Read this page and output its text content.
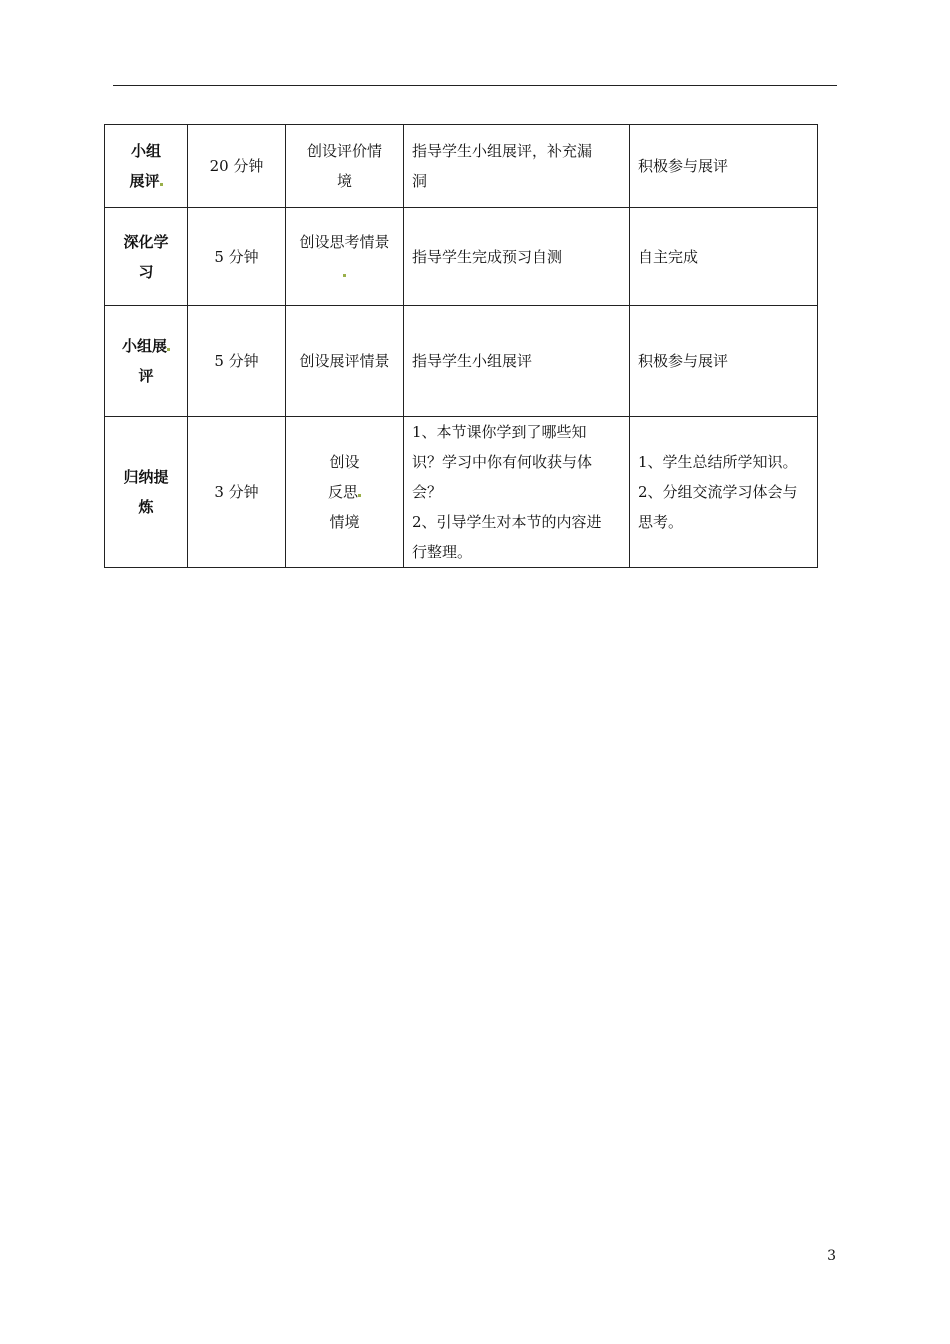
小组
展评	20 分钟	创设评价情
境	指导学生小组展评，补充漏
洞	积极参与展评

深化学
习	5 分钟	创设思考情景	指导学生完成预习自测	自主完成

小组展
评	5 分钟	创设展评情景	指导学生小组展评	积极参与展评

归纳提
炼	3 分钟	创设
反思
情境	1、本节课你学到了哪些知
识？学习中你有何收获与体
会？
2、引导学生对本节的内容进
行整理。	1、学生总结所学知识。
2、分组交流学习体会与
思考。
3
